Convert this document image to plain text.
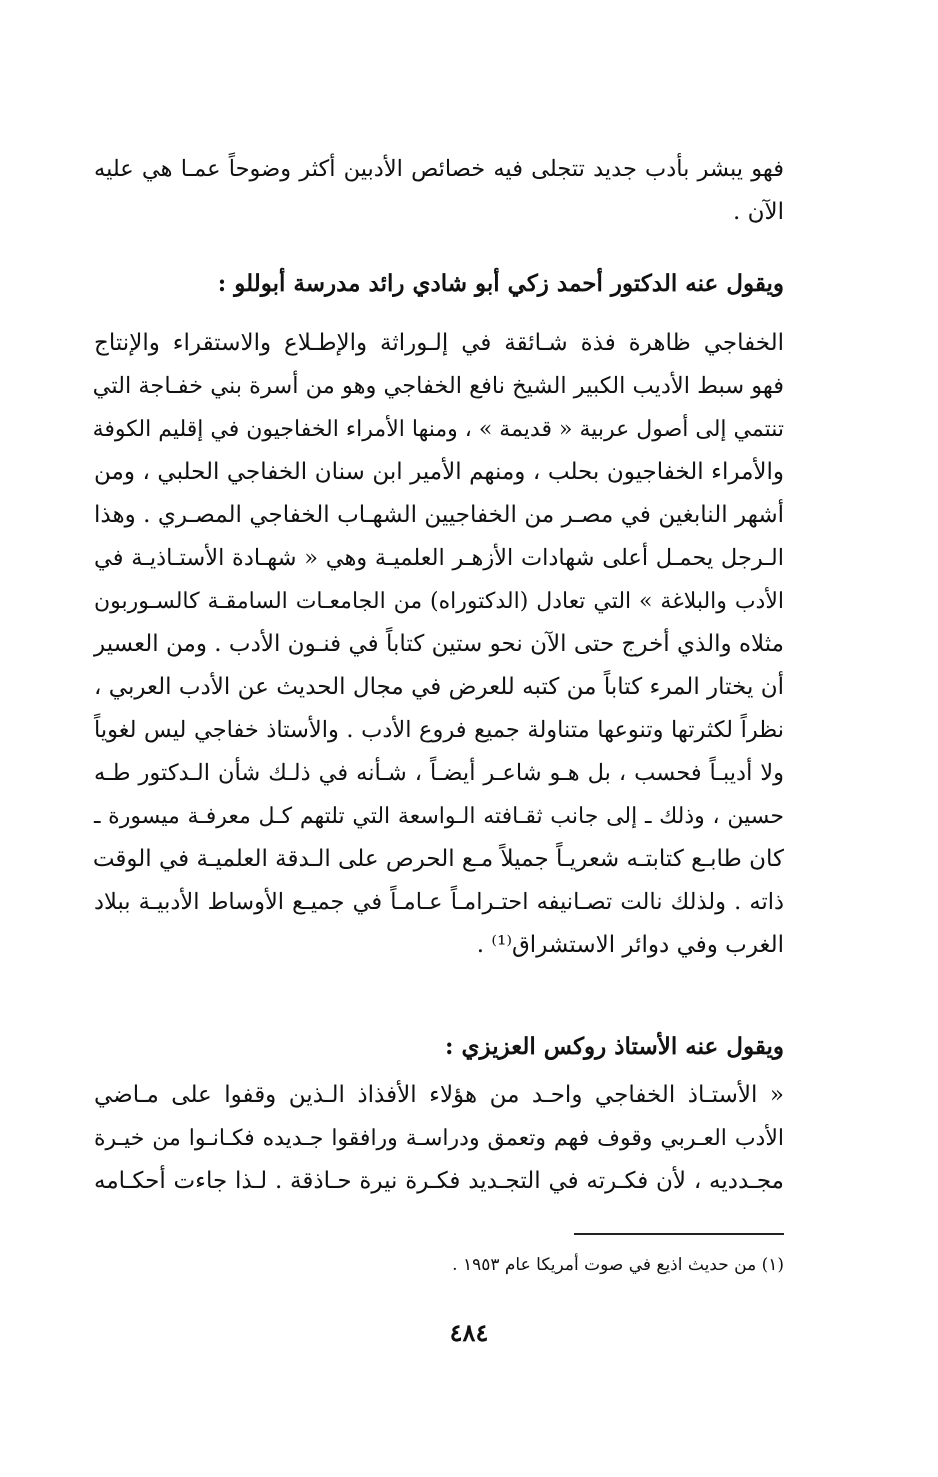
فهو يبشر بأدب جديد تتجلى فيه خصائص الأدبين أكثر وضوحاً عمـا هي عليه
الآن .
ويقول عنه الدكتور أحمد زكي أبو شادي رائد مدرسة أبوللو :
الخفاجي ظاهرة فذة شـائقة في إلـوراثة والإطـلاع والاستقراء والإنتاج
فهو سبط الأديب الكبير الشيخ نافع الخفاجي وهو من أسرة بني خفـاجة التي
تنتمي إلى أصول عربية « قديمة » ، ومنها الأمراء الخفاجيون في إقليم الكوفة
والأمراء الخفاجيون بحلب ، ومنهم الأمير ابن سنان الخفاجي الحلبي ، ومن
أشهر النابغين في مصـر من الخفاجيين الشهـاب الخفاجي المصـري . وهذا
الـرجل يحمـل أعلى شهادات الأزهـر العلميـة وهي « شهـادة الأستـاذيـة في
الأدب والبلاغة » التي تعادل (الدكتوراه) من الجامعـات السامقـة كالسـوربون
مثلاه والذي أخرج حتى الآن نحو ستين كتاباً في فنـون الأدب . ومن العسير
أن يختار المرء كتاباً من كتبه للعرض في مجال الحديث عن الأدب العربي ،
نظراً لكثرتها وتنوعها متناولة جميع فروع الأدب . والأستاذ خفاجي ليس لغوياً
ولا أديبـاً فحسب ، بل هـو شاعـر أيضـاً ، شـأنه في ذلـك شأن الـدكتور طـه
حسين ، وذلك ـ إلى جانب ثقـافته الـواسعة التي تلتهم كـل معرفـة ميسورة ـ
كان طابـع كتابتـه شعريـاً جميلاً مـع الحرص على الـدقة العلميـة في الوقت
ذاته . ولذلك نالت تصـانيفه احتـرامـاً عـامـاً في جميـع الأوساط الأدبيـة ببلاد
الغرب وفي دوائر الاستشراق⁽¹⁾ .
ويقول عنه الأستاذ روكس العزيزي :
« الأستـاذ الخفاجي واحـد من هؤلاء الأفذاذ الـذين وقفوا على مـاضي
الأدب العـربي وقوف فهم وتعمق ودراسـة ورافقوا جـديده فكـانـوا من خيـرة
مجـدديه ، لأن فكـرته في التجـديد فكـرة نيرة حـاذقة . لـذا جاءت أحكـامه
(١) من حديث اذيع في صوت أمريكا عام ١٩٥٣ .
٤٨٤
